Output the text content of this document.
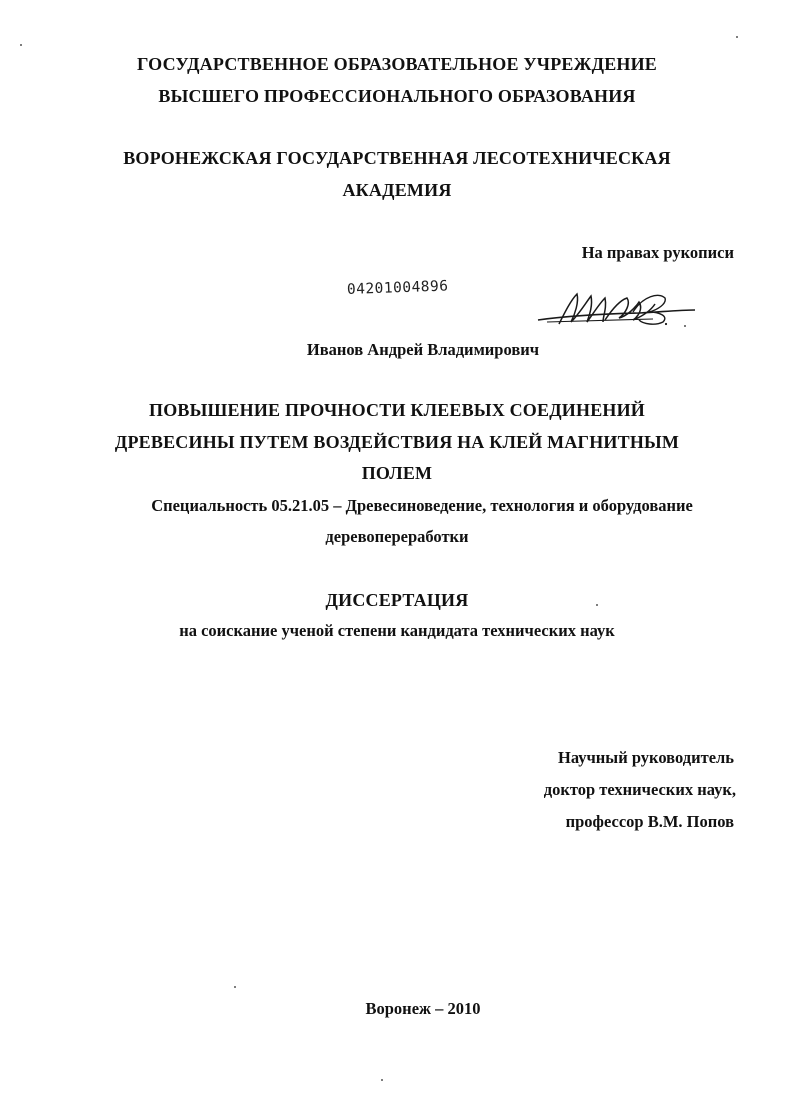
ГОСУДАРСТВЕННОЕ ОБРАЗОВАТЕЛЬНОЕ УЧРЕЖДЕНИЕ
ВЫСШЕГО ПРОФЕССИОНАЛЬНОГО ОБРАЗОВАНИЯ
ВОРОНЕЖСКАЯ ГОСУДАРСТВЕННАЯ ЛЕСОТЕХНИЧЕСКАЯ
АКАДЕМИЯ
На правах рукописи
04201004896
Иванов Андрей Владимирович
ПОВЫШЕНИЕ ПРОЧНОСТИ КЛЕЕВЫХ СОЕДИНЕНИЙ
ДРЕВЕСИНЫ ПУТЕМ ВОЗДЕЙСТВИЯ НА КЛЕЙ МАГНИТНЫМ
ПОЛЕМ
Специальность 05.21.05 – Древесиноведение, технология и оборудование
деревопереработки
ДИССЕРТАЦИЯ
на соискание ученой степени кандидата технических наук
Научный руководитель
доктор технических наук,
профессор В.М. Попов
Воронеж – 2010
